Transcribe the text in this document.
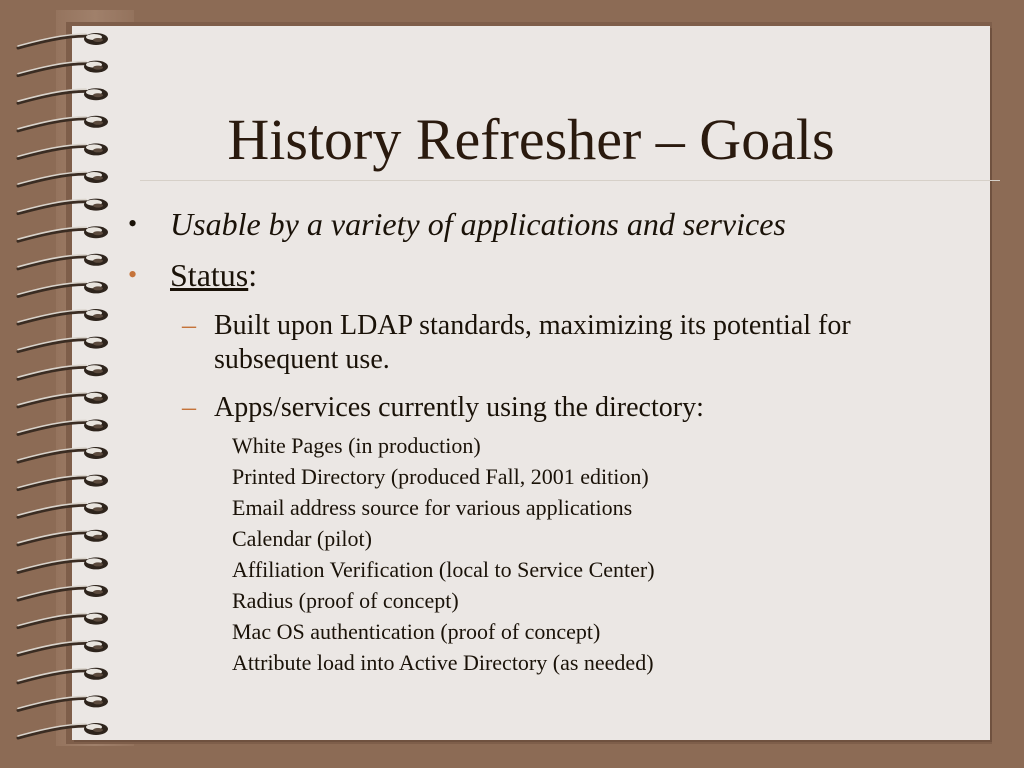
History Refresher – Goals
•	Usable by a variety of applications and services
•	Status:
– Built upon LDAP standards, maximizing its potential for subsequent use.
– Apps/services currently using the directory:
White Pages (in production)
Printed Directory (produced Fall, 2001 edition)
Email address source for various applications
Calendar (pilot)
Affiliation Verification (local to Service Center)
Radius (proof of concept)
Mac OS authentication (proof of concept)
Attribute load into Active Directory (as needed)
